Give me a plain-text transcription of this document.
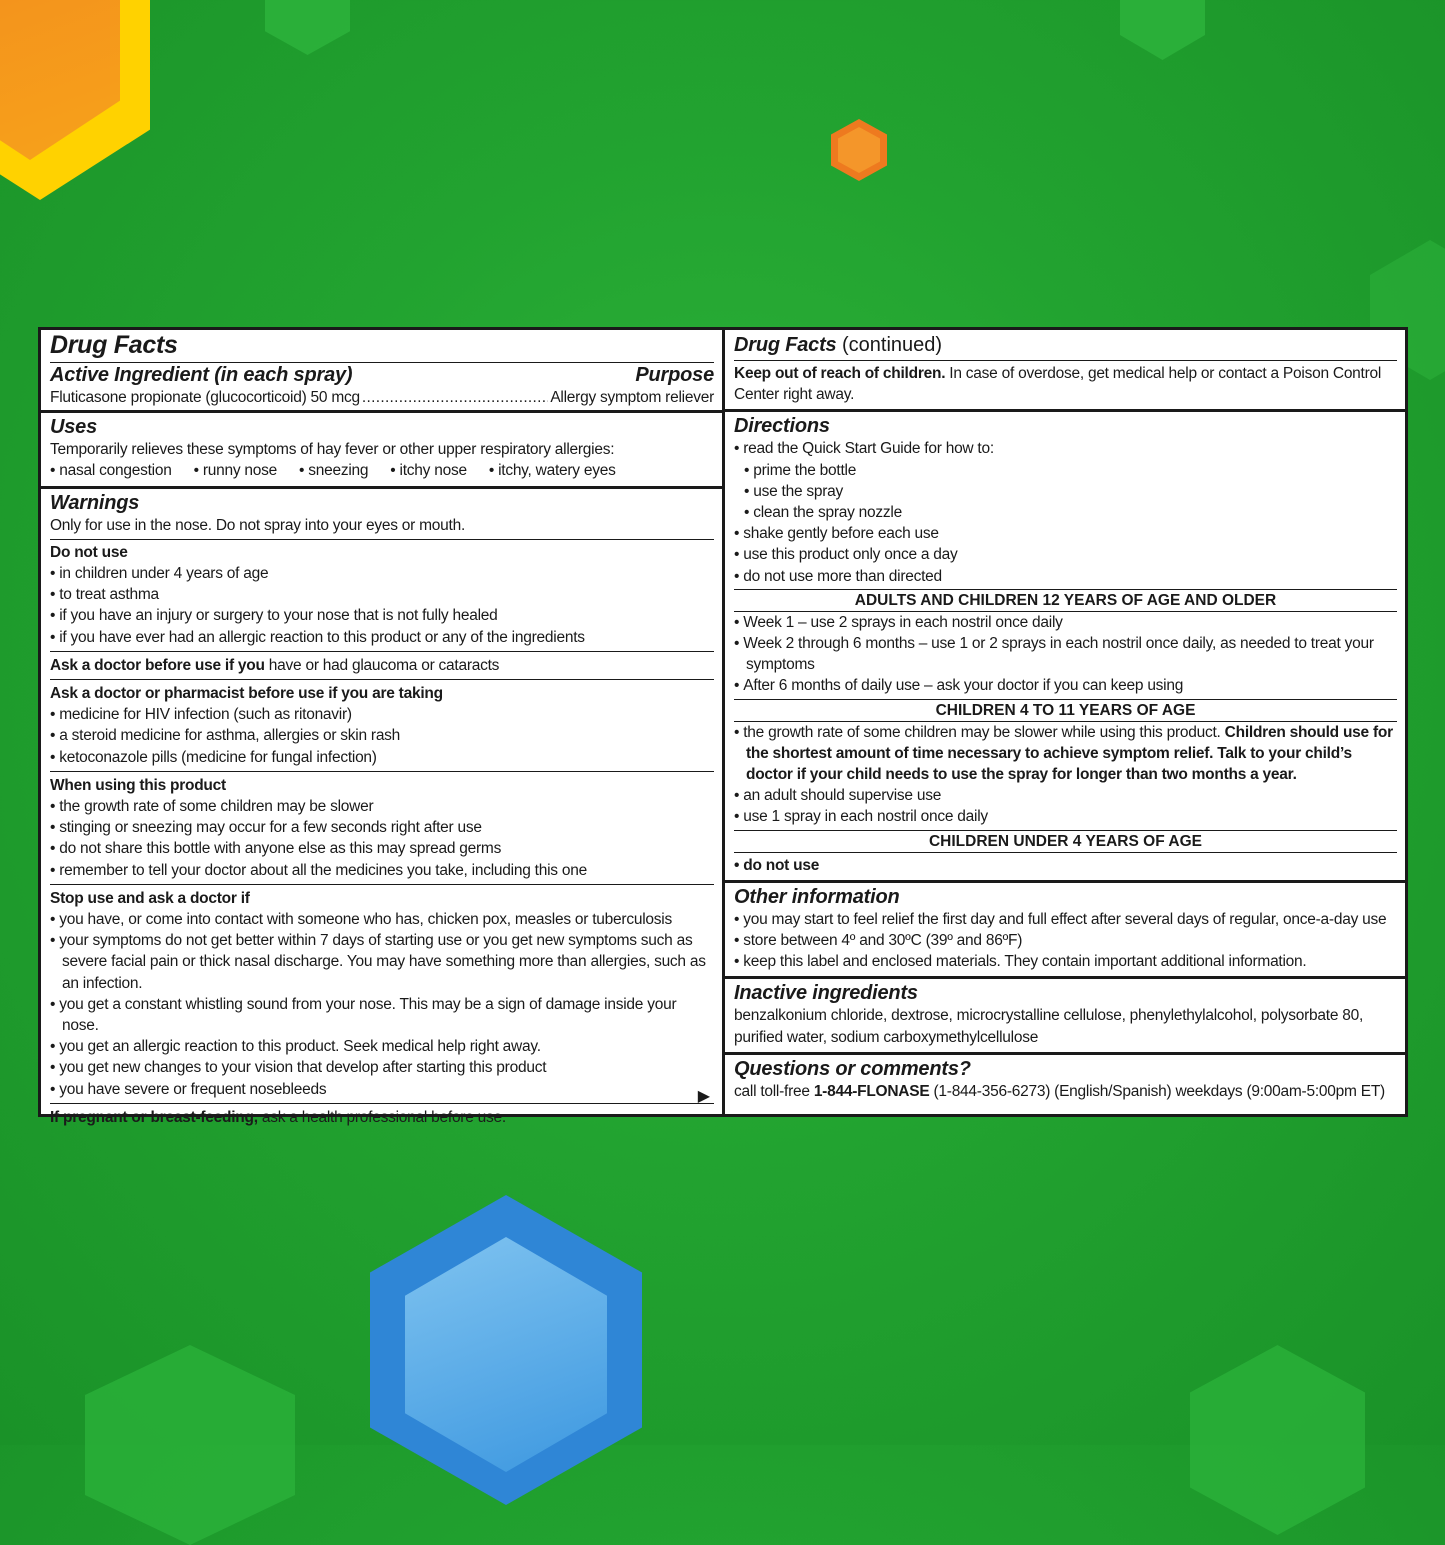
Drug Facts
Active Ingredient (in each spray)	Purpose
Fluticasone propionate (glucocorticoid) 50 mcg . . .	Allergy symptom reliever
Uses
Temporarily relieves these symptoms of hay fever or other upper respiratory allergies:
• nasal congestion	• runny nose	• sneezing	• itchy nose	• itchy, watery eyes
Warnings
Only for use in the nose. Do not spray into your eyes or mouth.
Do not use
• in children under 4 years of age
• to treat asthma
• if you have an injury or surgery to your nose that is not fully healed
• if you have ever had an allergic reaction to this product or any of the ingredients
Ask a doctor before use if you have or had glaucoma or cataracts
Ask a doctor or pharmacist before use if you are taking
• medicine for HIV infection (such as ritonavir)
• a steroid medicine for asthma, allergies or skin rash
• ketoconazole pills (medicine for fungal infection)
When using this product
• the growth rate of some children may be slower
• stinging or sneezing may occur for a few seconds right after use
• do not share this bottle with anyone else as this may spread germs
• remember to tell your doctor about all the medicines you take, including this one
Stop use and ask a doctor if
• you have, or come into contact with someone who has, chicken pox, measles or tuberculosis
• your symptoms do not get better within 7 days of starting use or you get new symptoms such as severe facial pain or thick nasal discharge. You may have something more than allergies, such as an infection.
• you get a constant whistling sound from your nose. This may be a sign of damage inside your nose.
• you get an allergic reaction to this product. Seek medical help right away.
• you get new changes to your vision that develop after starting this product
• you have severe or frequent nosebleeds
If pregnant or breast-feeding, ask a health professional before use.
▶
Drug Facts (continued)
Keep out of reach of children. In case of overdose, get medical help or contact a Poison Control Center right away.
Directions
• read the Quick Start Guide for how to:
• prime the bottle
• use the spray
• clean the spray nozzle
• shake gently before each use
• use this product only once a day
• do not use more than directed
ADULTS AND CHILDREN 12 YEARS OF AGE AND OLDER
• Week 1 – use 2 sprays in each nostril once daily
• Week 2 through 6 months – use 1 or 2 sprays in each nostril once daily, as needed to treat your symptoms
• After 6 months of daily use – ask your doctor if you can keep using
CHILDREN 4 TO 11 YEARS OF AGE
• the growth rate of some children may be slower while using this product. Children should use for the shortest amount of time necessary to achieve symptom relief. Talk to your child’s doctor if your child needs to use the spray for longer than two months a year.
• an adult should supervise use
• use 1 spray in each nostril once daily
CHILDREN UNDER 4 YEARS OF AGE
• do not use
Other information
• you may start to feel relief the first day and full effect after several days of regular, once-a-day use
• store between 4º and 30ºC (39º and 86ºF)
• keep this label and enclosed materials. They contain important additional information.
Inactive ingredients
benzalkonium chloride, dextrose, microcrystalline cellulose, phenylethylalcohol, polysorbate 80, purified water, sodium carboxymethylcellulose
Questions or comments?
call toll-free 1-844-FLONASE (1-844-356-6273) (English/Spanish) weekdays (9:00am-5:00pm ET)
